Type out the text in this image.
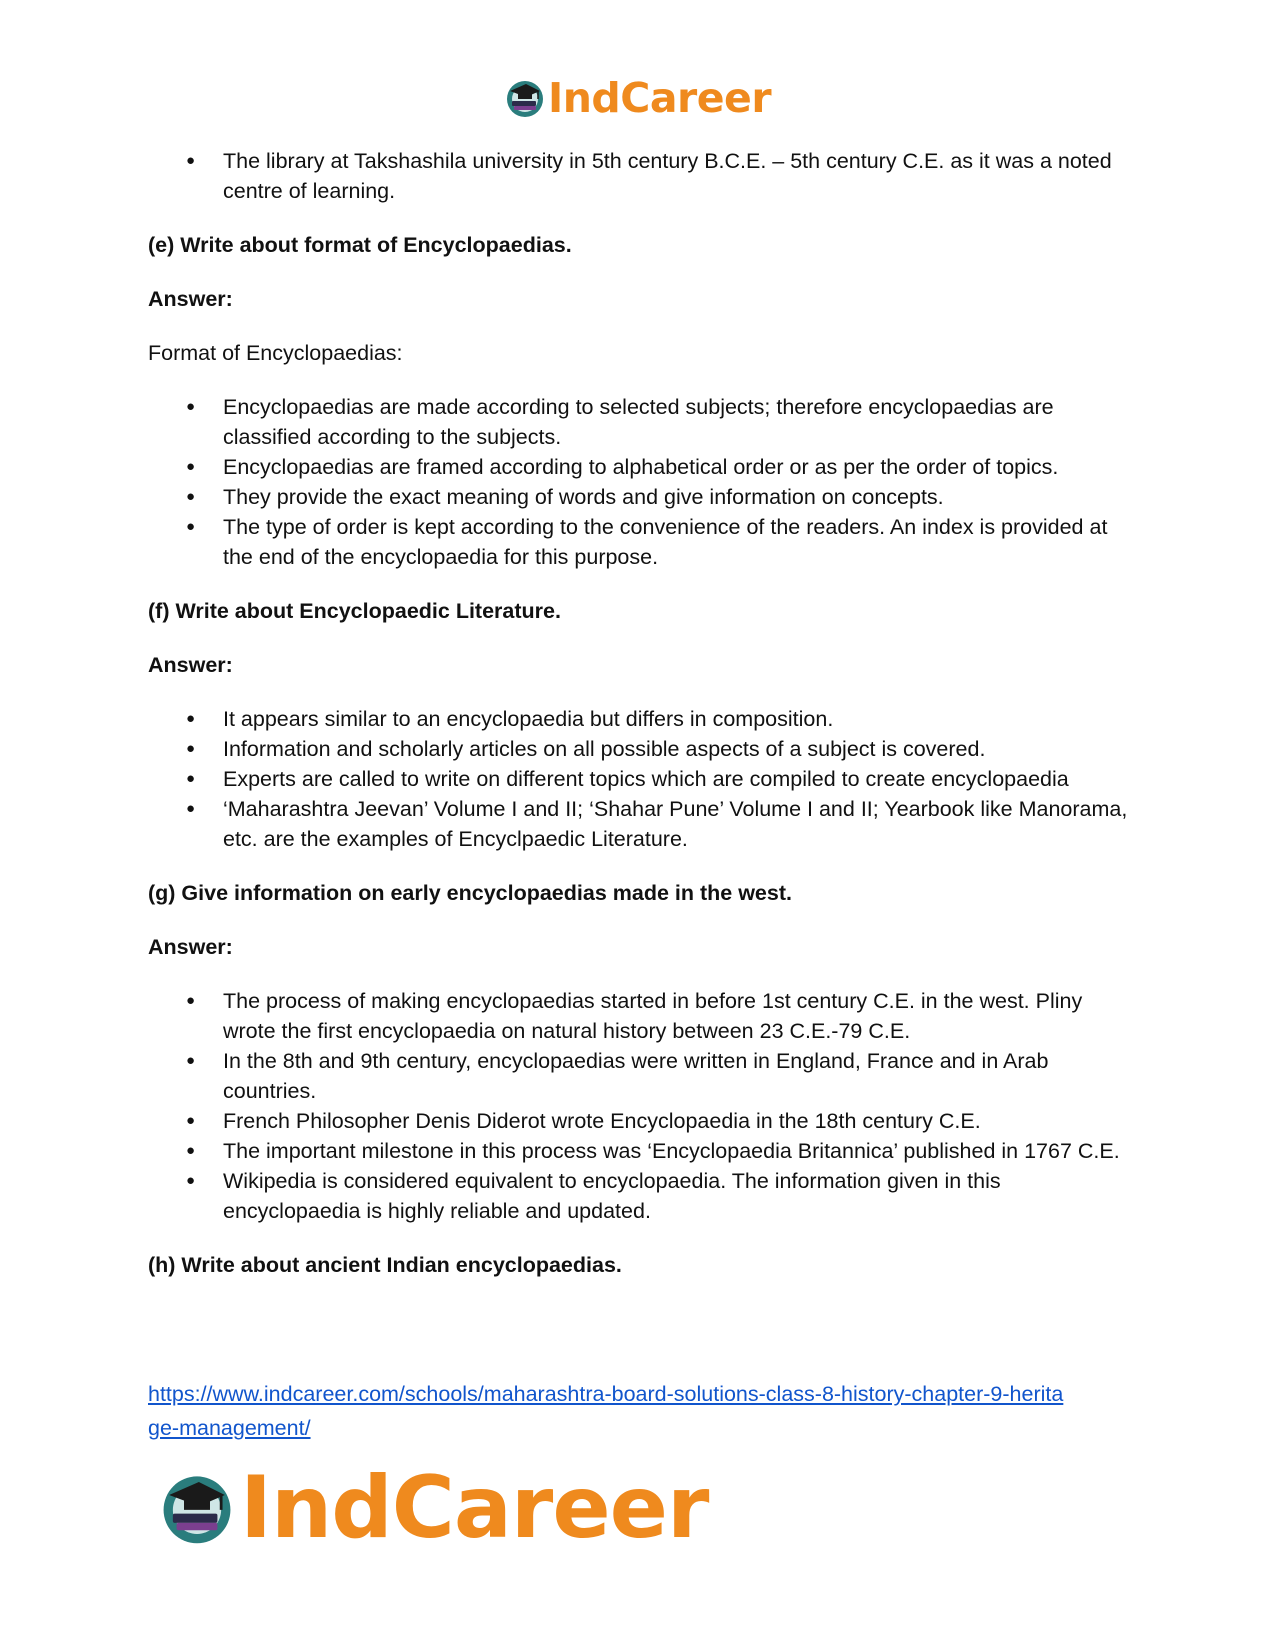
IndCareer
● The library at Takshashila university in 5th century B.C.E. – 5th century C.E. as it was a noted centre of learning.

(e) Write about format of Encyclopaedias.

Answer:

Format of Encyclopaedias:

● Encyclopaedias are made according to selected subjects; therefore encyclopaedias are classified according to the subjects.
● Encyclopaedias are framed according to alphabetical order or as per the order of topics.
● They provide the exact meaning of words and give information on concepts.
● The type of order is kept according to the convenience of the readers. An index is provided at the end of the encyclopaedia for this purpose.

(f) Write about Encyclopaedic Literature.

Answer:

● It appears similar to an encyclopaedia but differs in composition.
● Information and scholarly articles on all possible aspects of a subject is covered.
● Experts are called to write on different topics which are compiled to create encyclopaedia
● ‘Maharashtra Jeevan’ Volume I and II; ‘Shahar Pune’ Volume I and II; Yearbook like Manorama, etc. are the examples of Encyclpaedic Literature.

(g) Give information on early encyclopaedias made in the west.

Answer:

● The process of making encyclopaedias started in before 1st century C.E. in the west. Pliny wrote the first encyclopaedia on natural history between 23 C.E.-79 C.E.
● In the 8th and 9th century, encyclopaedias were written in England, France and in Arab countries.
● French Philosopher Denis Diderot wrote Encyclopaedia in the 18th century C.E.
● The important milestone in this process was ‘Encyclopaedia Britannica’ published in 1767 C.E.
● Wikipedia is considered equivalent to encyclopaedia. The information given in this encyclopaedia is highly reliable and updated.

(h) Write about ancient Indian encyclopaedias.

https://www.indcareer.com/schools/maharashtra-board-solutions-class-8-history-chapter-9-herita
ge-management/
IndCareer
